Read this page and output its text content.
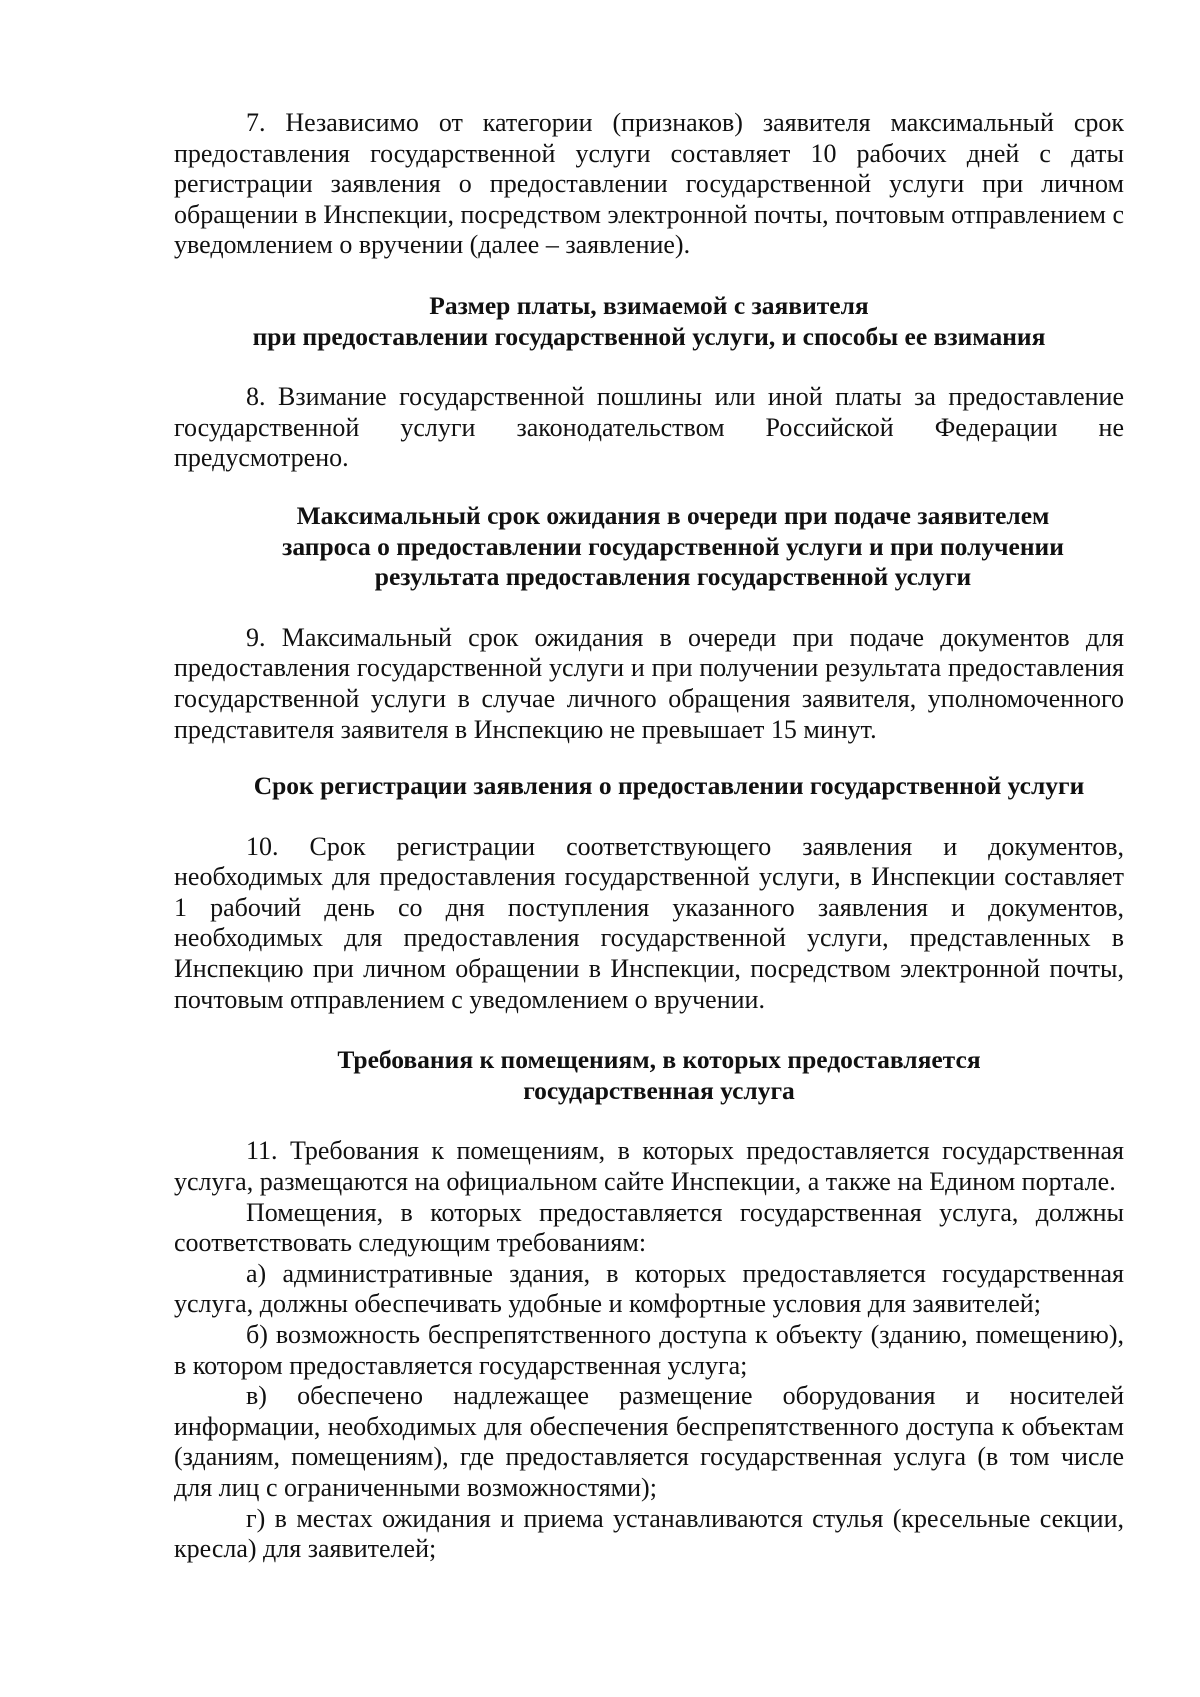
7. Независимо от категории (признаков) заявителя максимальный срок предоставления государственной услуги составляет 10 рабочих дней с даты регистрации заявления о предоставлении государственной услуги при личном обращении в Инспекции, посредством электронной почты, почтовым отправлением с уведомлением о вручении (далее – заявление).

Размер платы, взимаемой с заявителя
при предоставлении государственной услуги, и способы ее взимания

8. Взимание государственной пошлины или иной платы за предоставление государственной услуги законодательством Российской Федерации не предусмотрено.

Максимальный срок ожидания в очереди при подаче заявителем
запроса о предоставлении государственной услуги и при получении
результата предоставления государственной услуги

9. Максимальный срок ожидания в очереди при подаче документов для предоставления государственной услуги и при получении результата предоставления государственной услуги в случае личного обращения заявителя, уполномоченного представителя заявителя в Инспекцию не превышает 15 минут.

Срок регистрации заявления о предоставлении государственной услуги

10. Срок регистрации соответствующего заявления и документов, необходимых для предоставления государственной услуги, в Инспекции составляет 1 рабочий день со дня поступления указанного заявления и документов, необходимых для предоставления государственной услуги, представленных в Инспекцию при личном обращении в Инспекции, посредством электронной почты, почтовым отправлением с уведомлением о вручении.

Требования к помещениям, в которых предоставляется
государственная услуга

11. Требования к помещениям, в которых предоставляется государственная услуга, размещаются на официальном сайте Инспекции, а также на Едином портале.

Помещения, в которых предоставляется государственная услуга, должны соответствовать следующим требованиям:

а) административные здания, в которых предоставляется государственная услуга, должны обеспечивать удобные и комфортные условия для заявителей;

б) возможность беспрепятственного доступа к объекту (зданию, помещению), в котором предоставляется государственная услуга;

в) обеспечено надлежащее размещение оборудования и носителей информации, необходимых для обеспечения беспрепятственного доступа к объектам (зданиям, помещениям), где предоставляется государственная услуга (в том числе для лиц с ограниченными возможностями);

г) в местах ожидания и приема устанавливаются стулья (кресельные секции, кресла) для заявителей;
